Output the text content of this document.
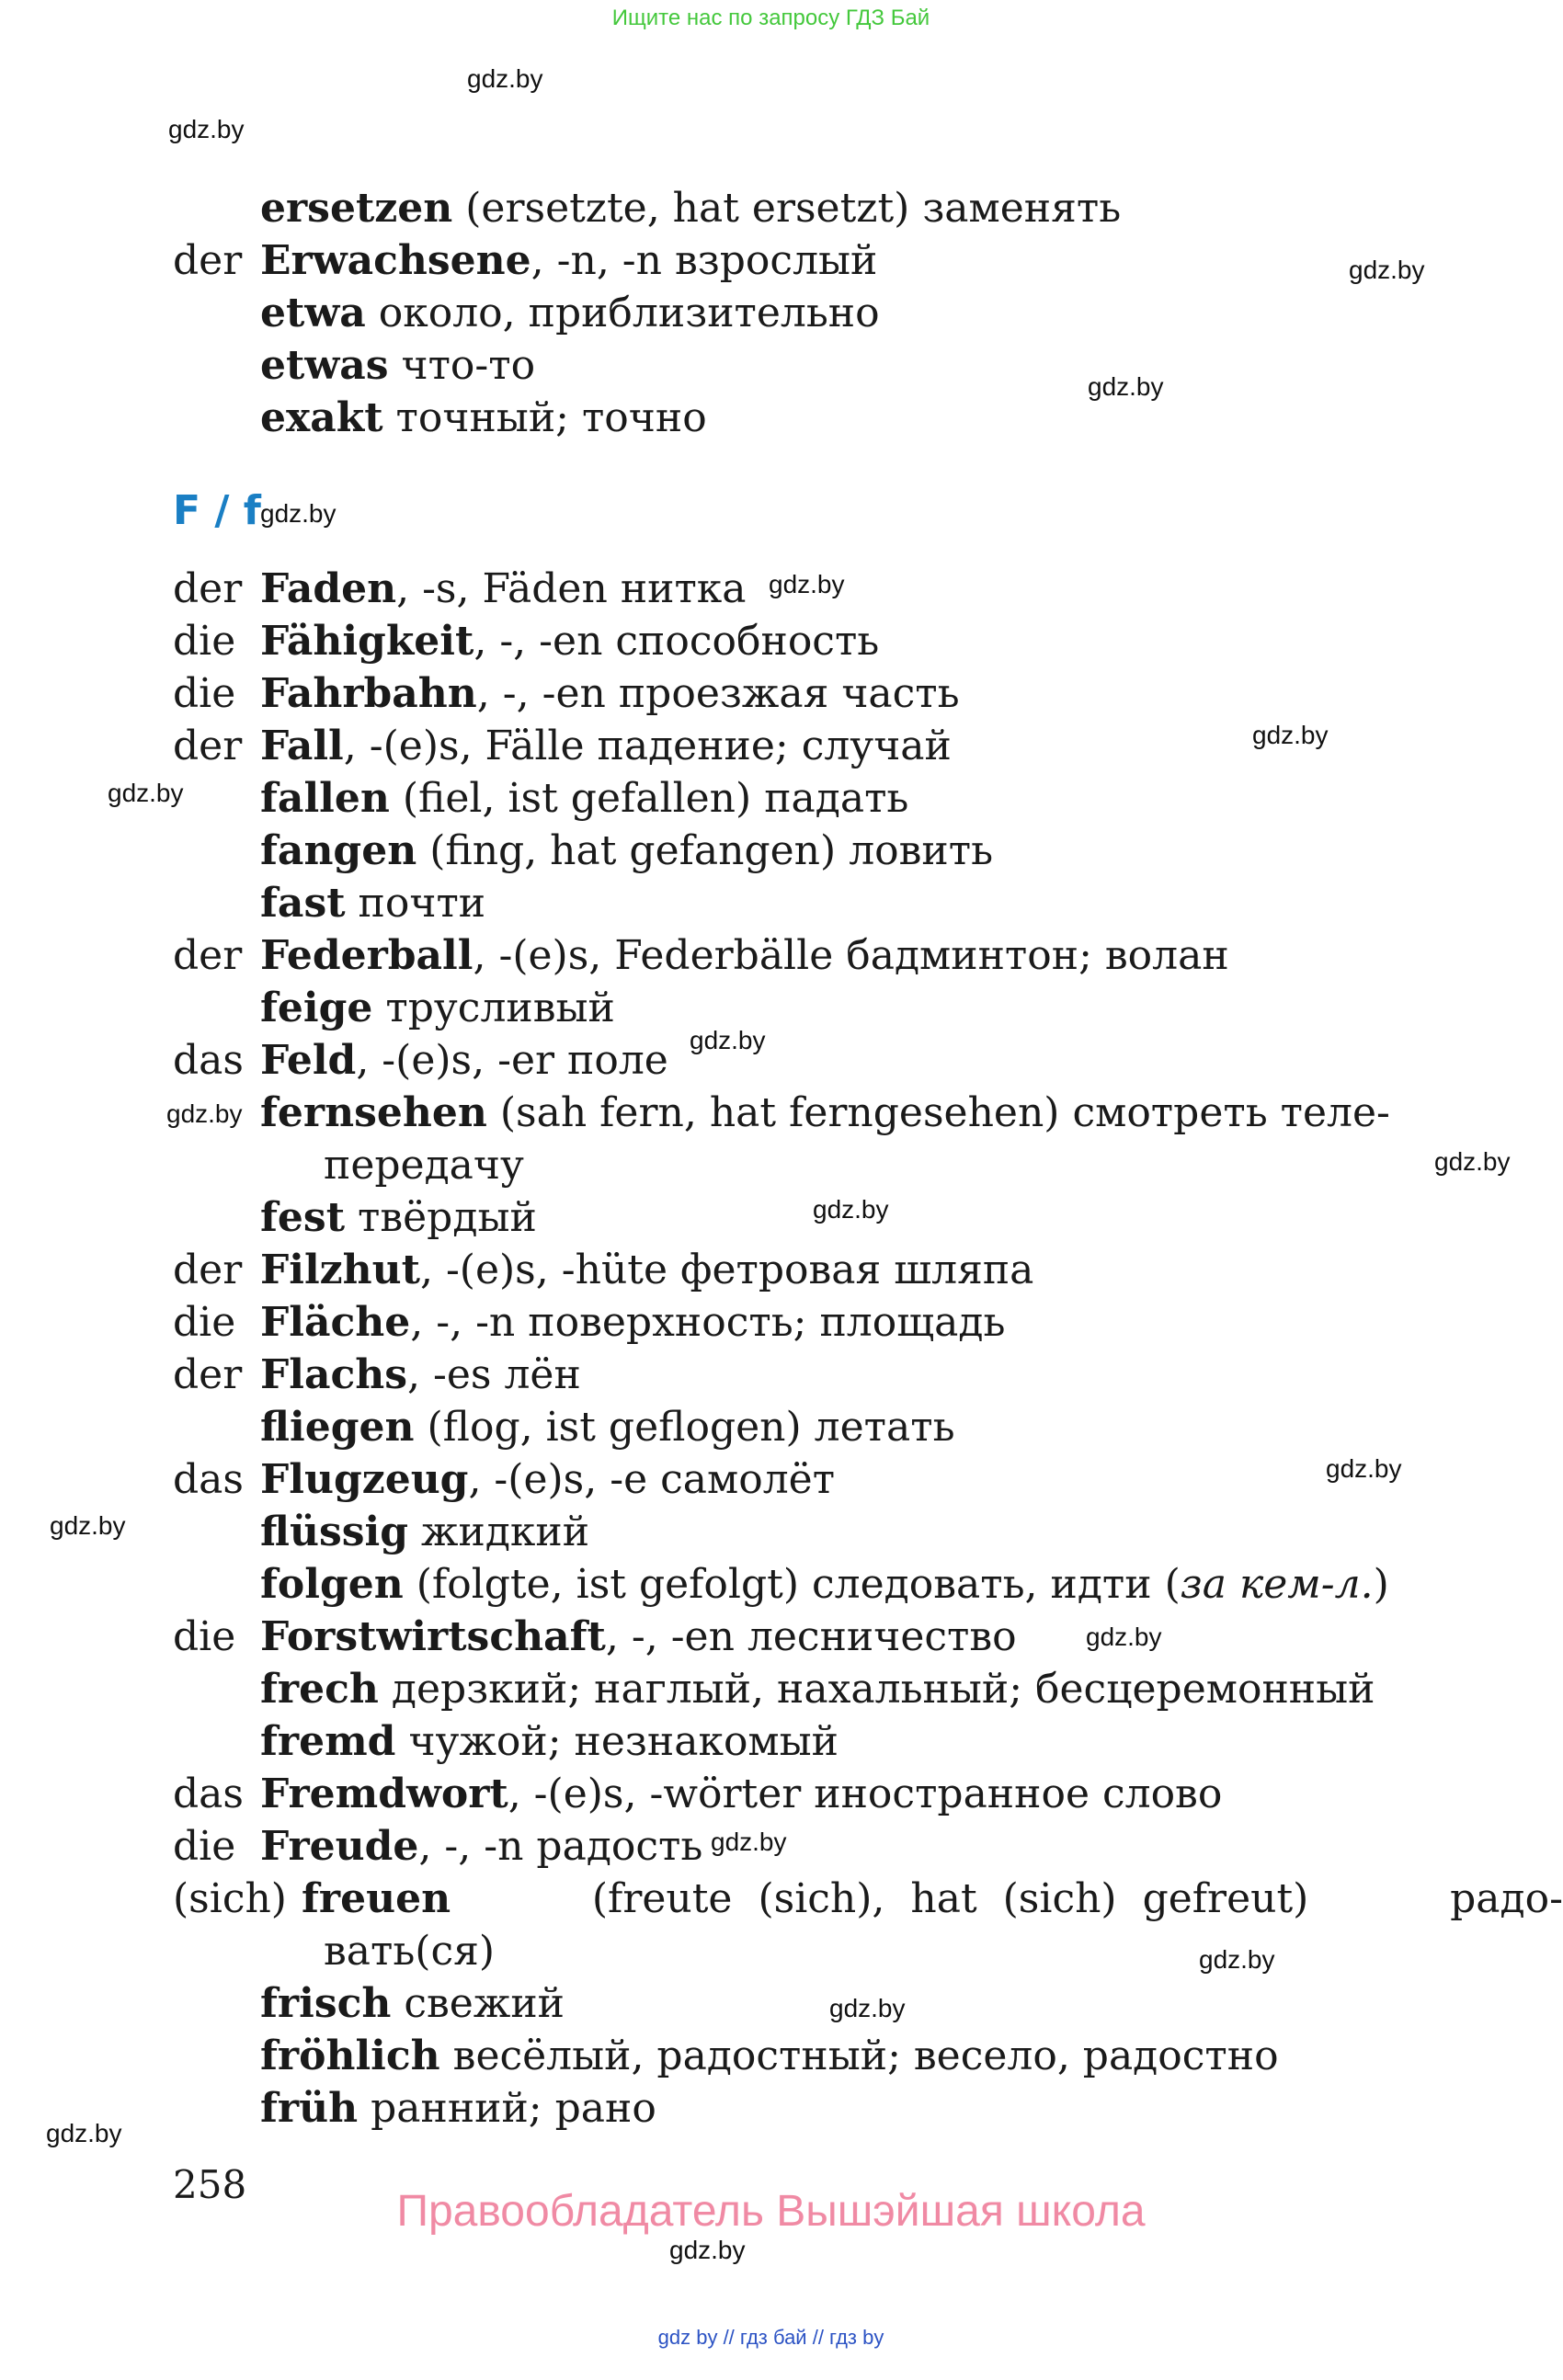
Ищите нас по запросу ГДЗ Бай
gdz.by
gdz.by
gdz.by
gdz.by
gdz.by
gdz.by
gdz.by
gdz.by
gdz.by
gdz.by
gdz.by
gdz.by
gdz.by
gdz.by
gdz.by
gdz.by
gdz.by
gdz.by
gdz.by
gdz.by
ersetzen (ersetzte, hat ersetzt) заменять
der Erwachsene, -n, -n взрослый
etwa около, приблизительно
etwas что-то
exakt точный; точно
F / f
der Faden, -s, Fäden нитка
die Fähigkeit, -, -en способность
die Fahrbahn, -, -en проезжая часть
der Fall, -(e)s, Fälle падение; случай
fallen (fiel, ist gefallen) падать
fangen (fing, hat gefangen) ловить
fast почти
der Federball, -(e)s, Federbälle бадминтон; волан
feige трусливый
das Feld, -(e)s, -er поле
fernsehen (sah fern, hat ferngesehen) смотреть теле-
передачу
fest твёрдый
der Filzhut, -(e)s, -hüte фетровая шляпа
die Fläche, -, -n поверхность; площадь
der Flachs, -es лён
fliegen (flog, ist geflogen) летать
das Flugzeug, -(e)s, -e самолёт
flüssig жидкий
folgen (folgte, ist gefolgt) следовать, идти (за кем-л.)
die Forstwirtschaft, -, -en лесничество
frech дерзкий; наглый, нахальный; бесцеремонный
fremd чужой; незнакомый
das Fremdwort, -(e)s, -wörter иностранное слово
die Freude, -, -n радость
(sich) freuen	(freute (sich), hat (sich) gefreut)	радо-
вать(ся)
frisch свежий
fröhlich весёлый, радостный; весело, радостно
früh ранний; рано
258
Правообладатель Вышэйшая школа
gdz by // гдз бай // гдз by
